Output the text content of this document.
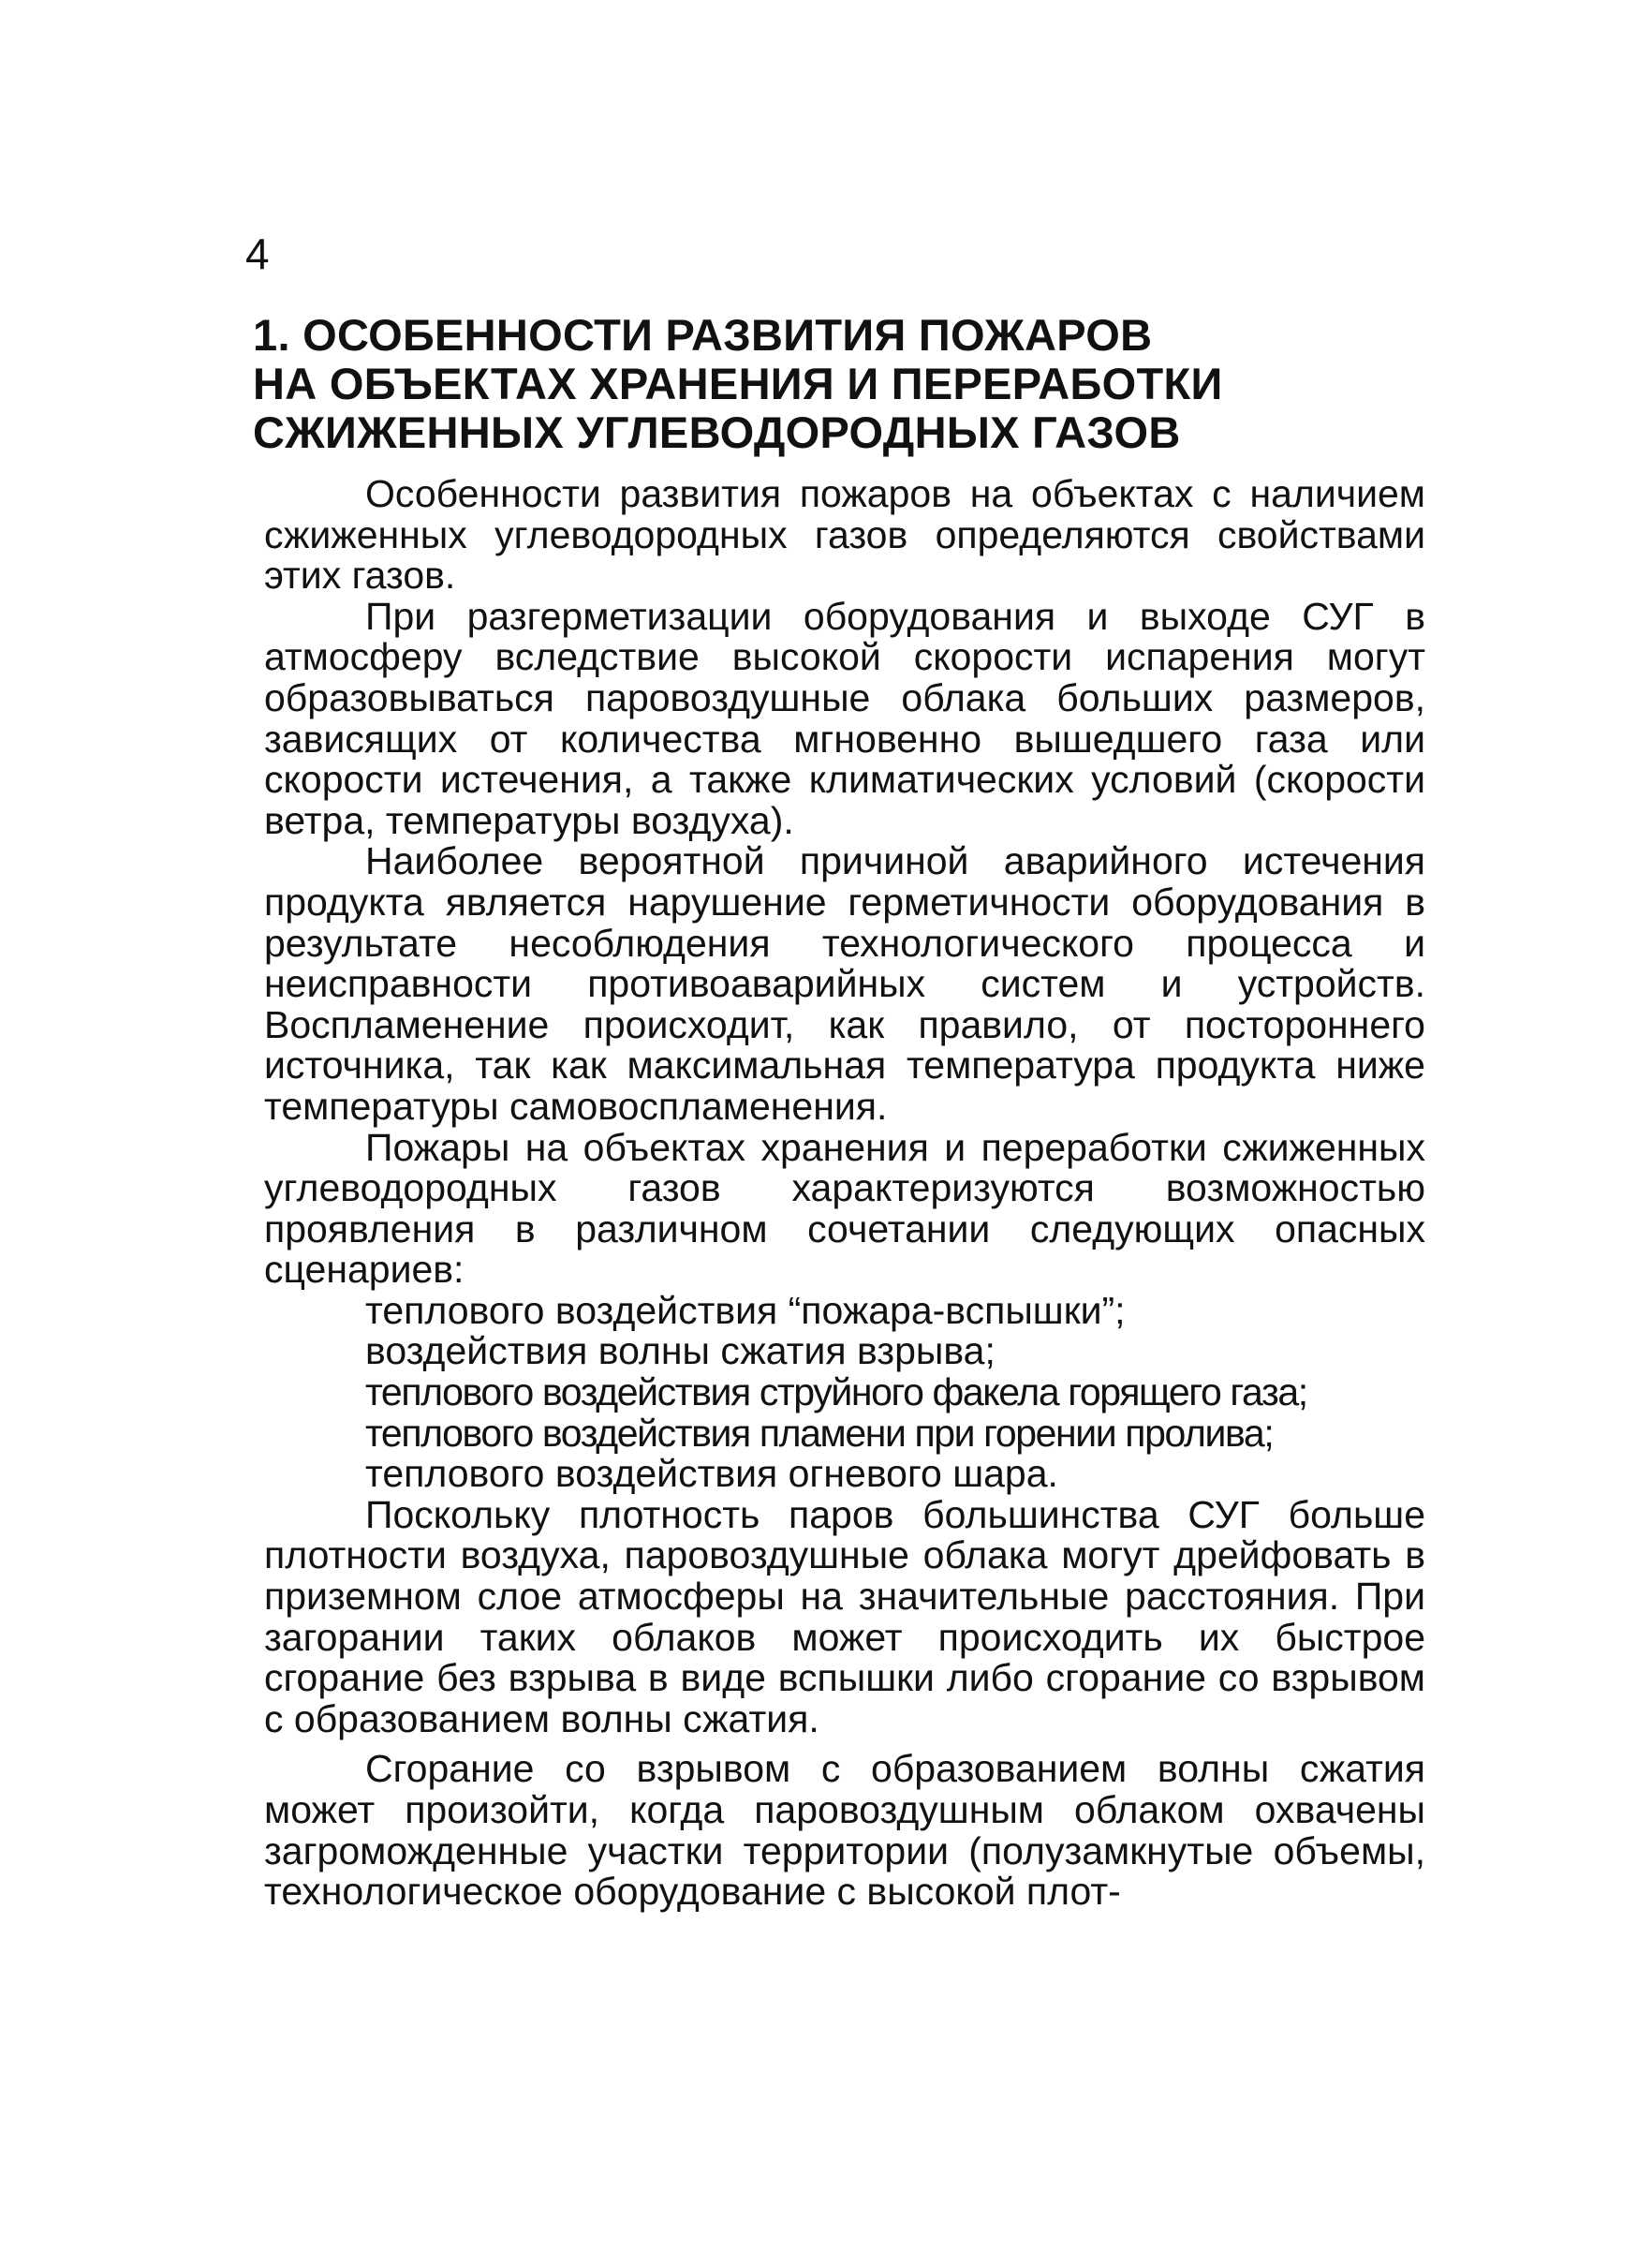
4
1. ОСОБЕННОСТИ РАЗВИТИЯ ПОЖАРОВ
НА ОБЪЕКТАХ ХРАНЕНИЯ И ПЕРЕРАБОТКИ
СЖИЖЕННЫХ УГЛЕВОДОРОДНЫХ ГАЗОВ

Особенности развития пожаров на объектах с наличием сжиженных углеводородных газов определяются свойствами этих газов.

При разгерметизации оборудования и выходе СУГ в атмосферу вследствие высокой скорости испарения могут образовываться паровоздушные облака больших размеров, зависящих от количества мгновенно вышедшего газа или скорости истечения, а также климатических условий (скорости ветра, температуры воздуха).

Наиболее вероятной причиной аварийного истечения продукта является нарушение герметичности оборудования в результате несоблюдения технологического процесса и неисправности противоаварийных систем и устройств. Воспламенение происходит, как правило, от постороннего источника, так как максимальная температура продукта ниже температуры самовоспламенения.

Пожары на объектах хранения и переработки сжиженных углеводородных газов характеризуются возможностью проявления в различном сочетании следующих опасных сценариев:

теплового воздействия “пожара-вспышки”;
воздействия волны сжатия взрыва;
теплового воздействия струйного факела горящего газа;
теплового воздействия пламени при горении пролива;
теплового воздействия огневого шара.

Поскольку плотность паров большинства СУГ больше плотности воздуха, паровоздушные облака могут дрейфовать в приземном слое атмосферы на значительные расстояния. При загорании таких облаков может происходить их быстрое сгорание без взрыва в виде вспышки либо сгорание со взрывом с образованием волны сжатия.

Сгорание со взрывом с образованием волны сжатия может произойти, когда паровоздушным облаком охвачены загроможденные участки территории (полузамкнутые объемы, технологическое оборудование с высокой плот-
